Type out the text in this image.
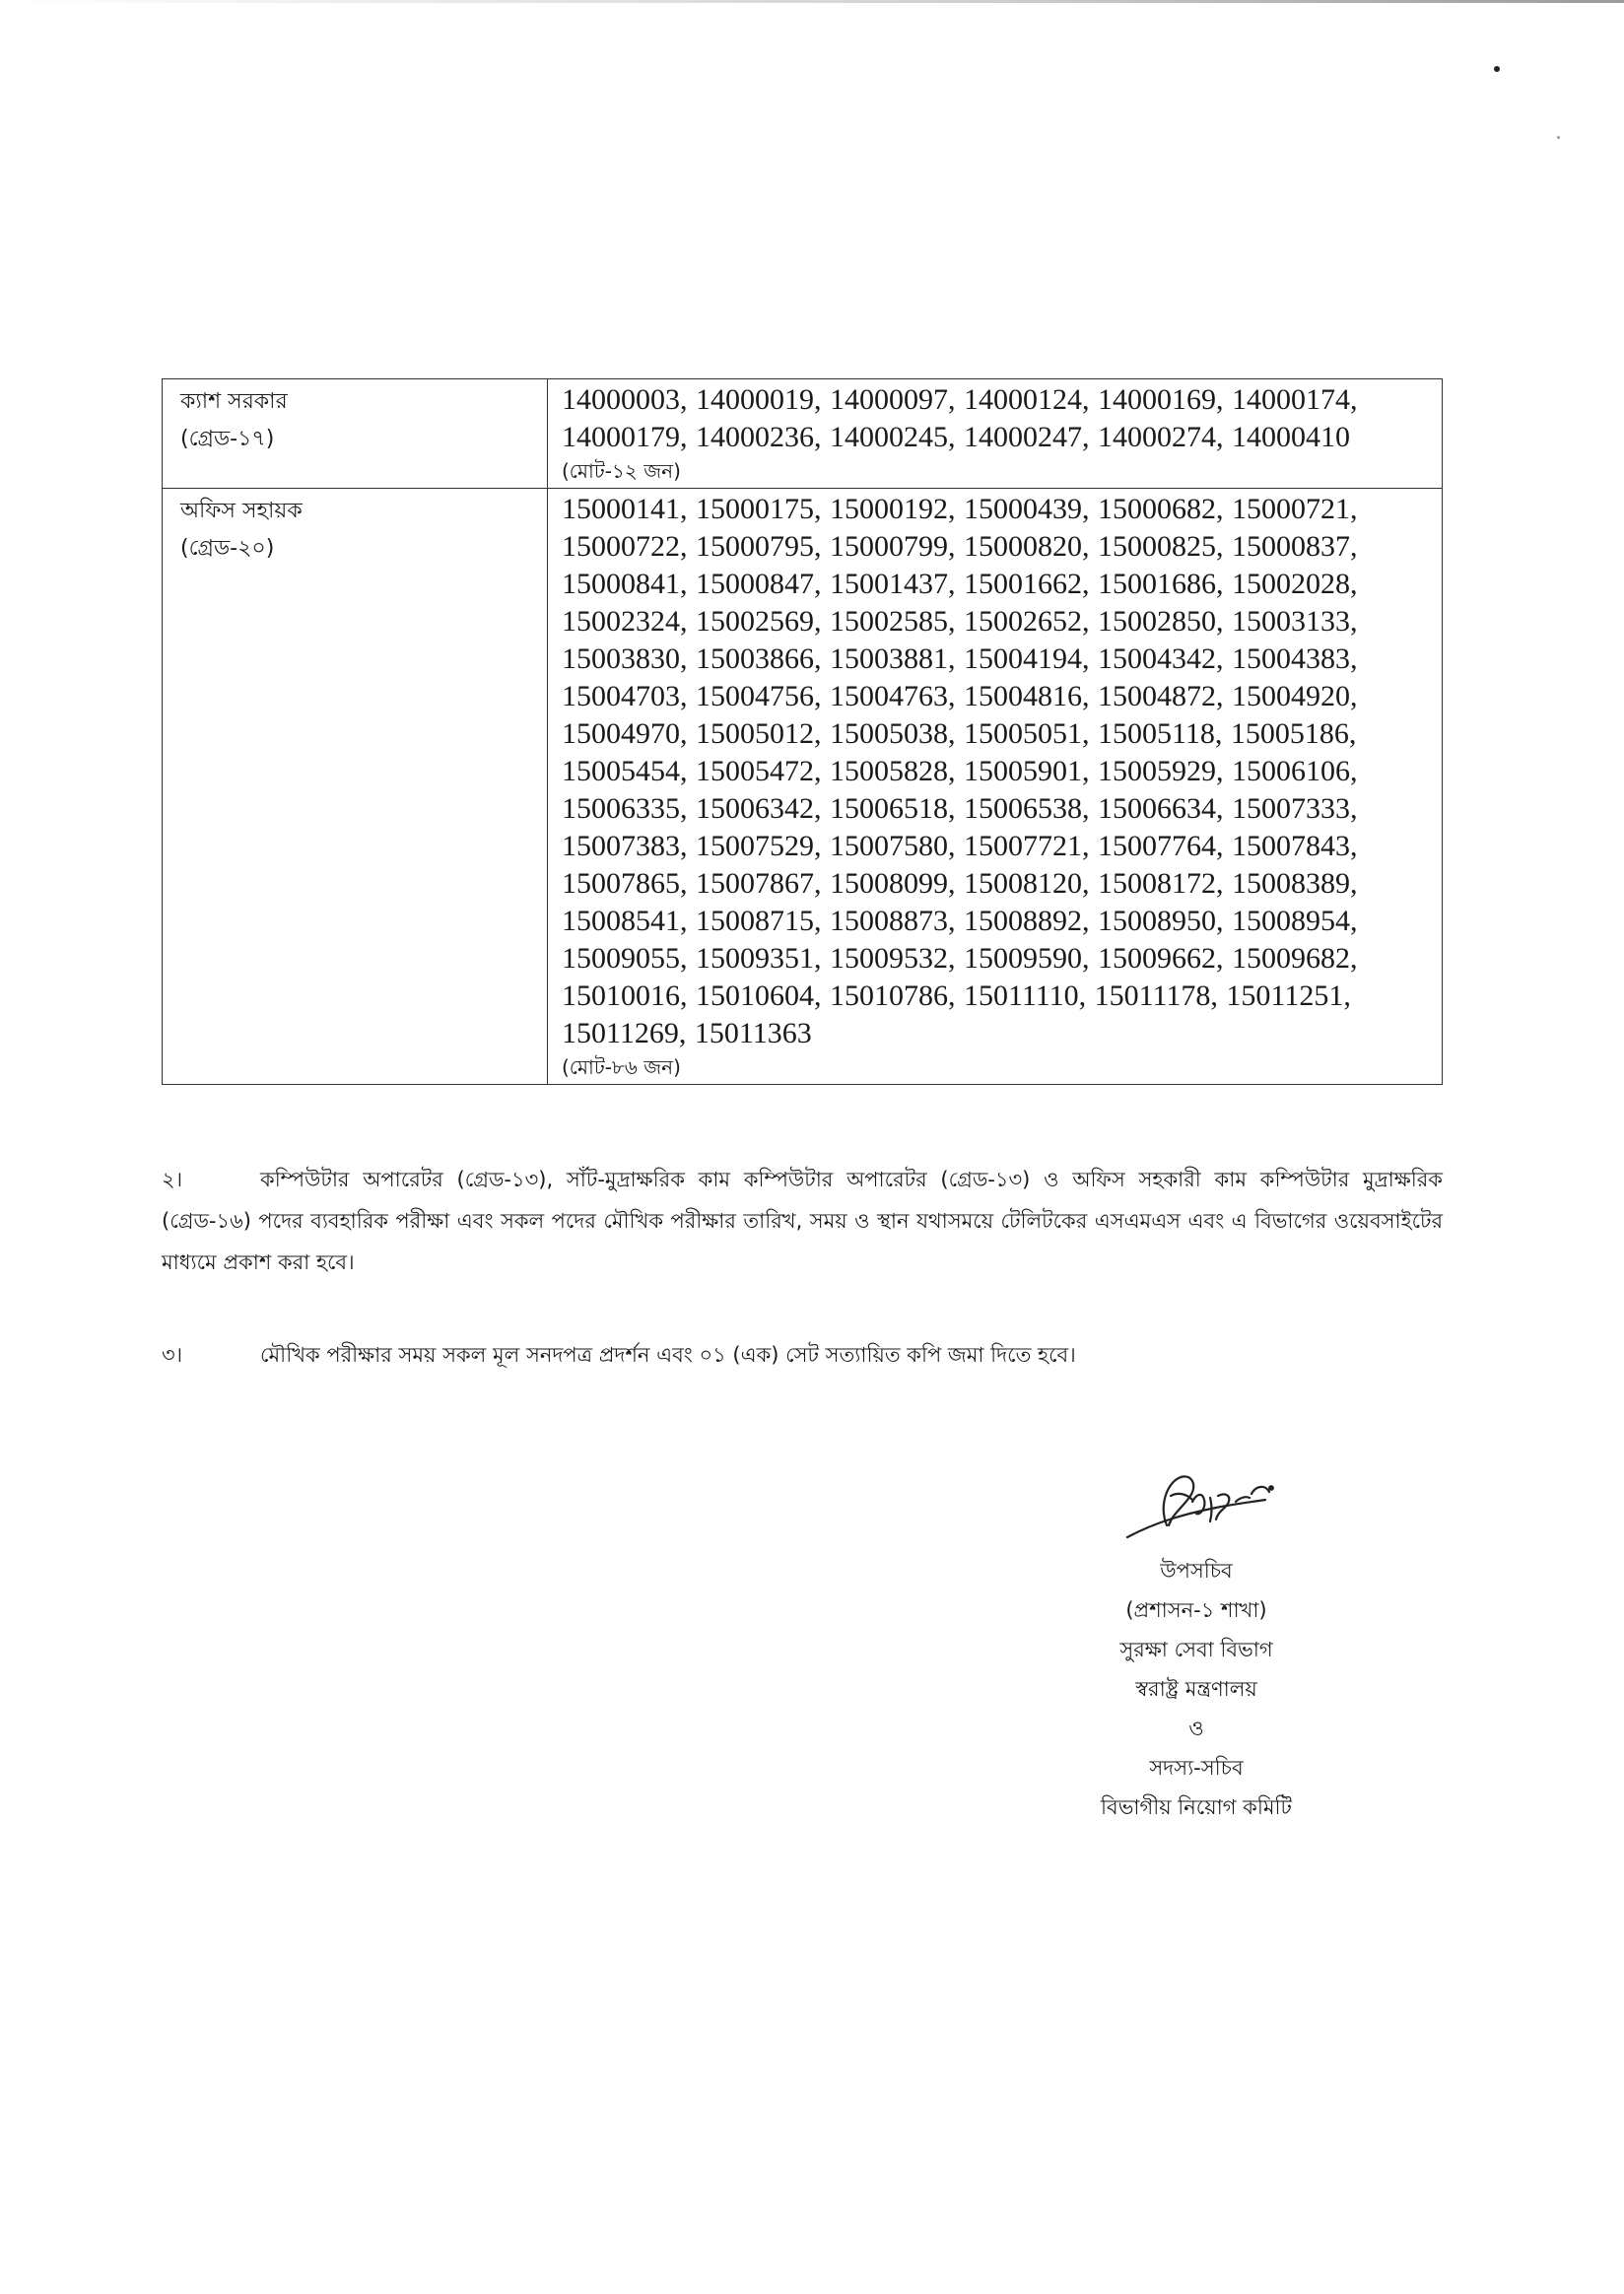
ক্যাশ সরকার
(গ্রেড-১৭)	14000003, 14000019, 14000097, 14000124, 14000169, 14000174, 14000179, 14000236, 14000245, 14000247, 14000274, 14000410

(মোট-১২ জন)

অফিস সহায়ক
(গ্রেড-২০)	15000141, 15000175, 15000192, 15000439, 15000682, 15000721, 15000722, 15000795, 15000799, 15000820, 15000825, 15000837, 15000841, 15000847, 15001437, 15001662, 15001686, 15002028, 15002324, 15002569, 15002585, 15002652, 15002850, 15003133, 15003830, 15003866, 15003881, 15004194, 15004342, 15004383, 15004703, 15004756, 15004763, 15004816, 15004872, 15004920, 15004970, 15005012, 15005038, 15005051, 15005118, 15005186, 15005454, 15005472, 15005828, 15005901, 15005929, 15006106, 15006335, 15006342, 15006518, 15006538, 15006634, 15007333, 15007383, 15007529, 15007580, 15007721, 15007764, 15007843, 15007865, 15007867, 15008099, 15008120, 15008172, 15008389, 15008541, 15008715, 15008873, 15008892, 15008950, 15008954, 15009055, 15009351, 15009532, 15009590, 15009662, 15009682, 15010016, 15010604, 15010786, 15011110, 15011178, 15011251, 15011269, 15011363

(মোট-৮৬ জন)

২।	কম্পিউটার অপারেটর (গ্রেড-১৩), সাঁট-মুদ্রাক্ষরিক কাম কম্পিউটার অপারেটর (গ্রেড-১৩) ও অফিস সহকারী কাম কম্পিউটার মুদ্রাক্ষরিক (গ্রেড-১৬) পদের ব্যবহারিক পরীক্ষা এবং সকল পদের মৌখিক পরীক্ষার তারিখ, সময় ও স্থান যথাসময়ে টেলিটকের এসএমএস এবং এ বিভাগের ওয়েবসাইটের মাধ্যমে প্রকাশ করা হবে।

৩।	মৌখিক পরীক্ষার সময় সকল মূল সনদপত্র প্রদর্শন এবং ০১ (এক) সেট সত্যায়িত কপি জমা দিতে হবে।

উপসচিব
(প্রশাসন-১ শাখা)
সুরক্ষা সেবা বিভাগ
স্বরাষ্ট্র মন্ত্রণালয়
ও
সদস্য-সচিব
বিভাগীয় নিয়োগ কমিটি
